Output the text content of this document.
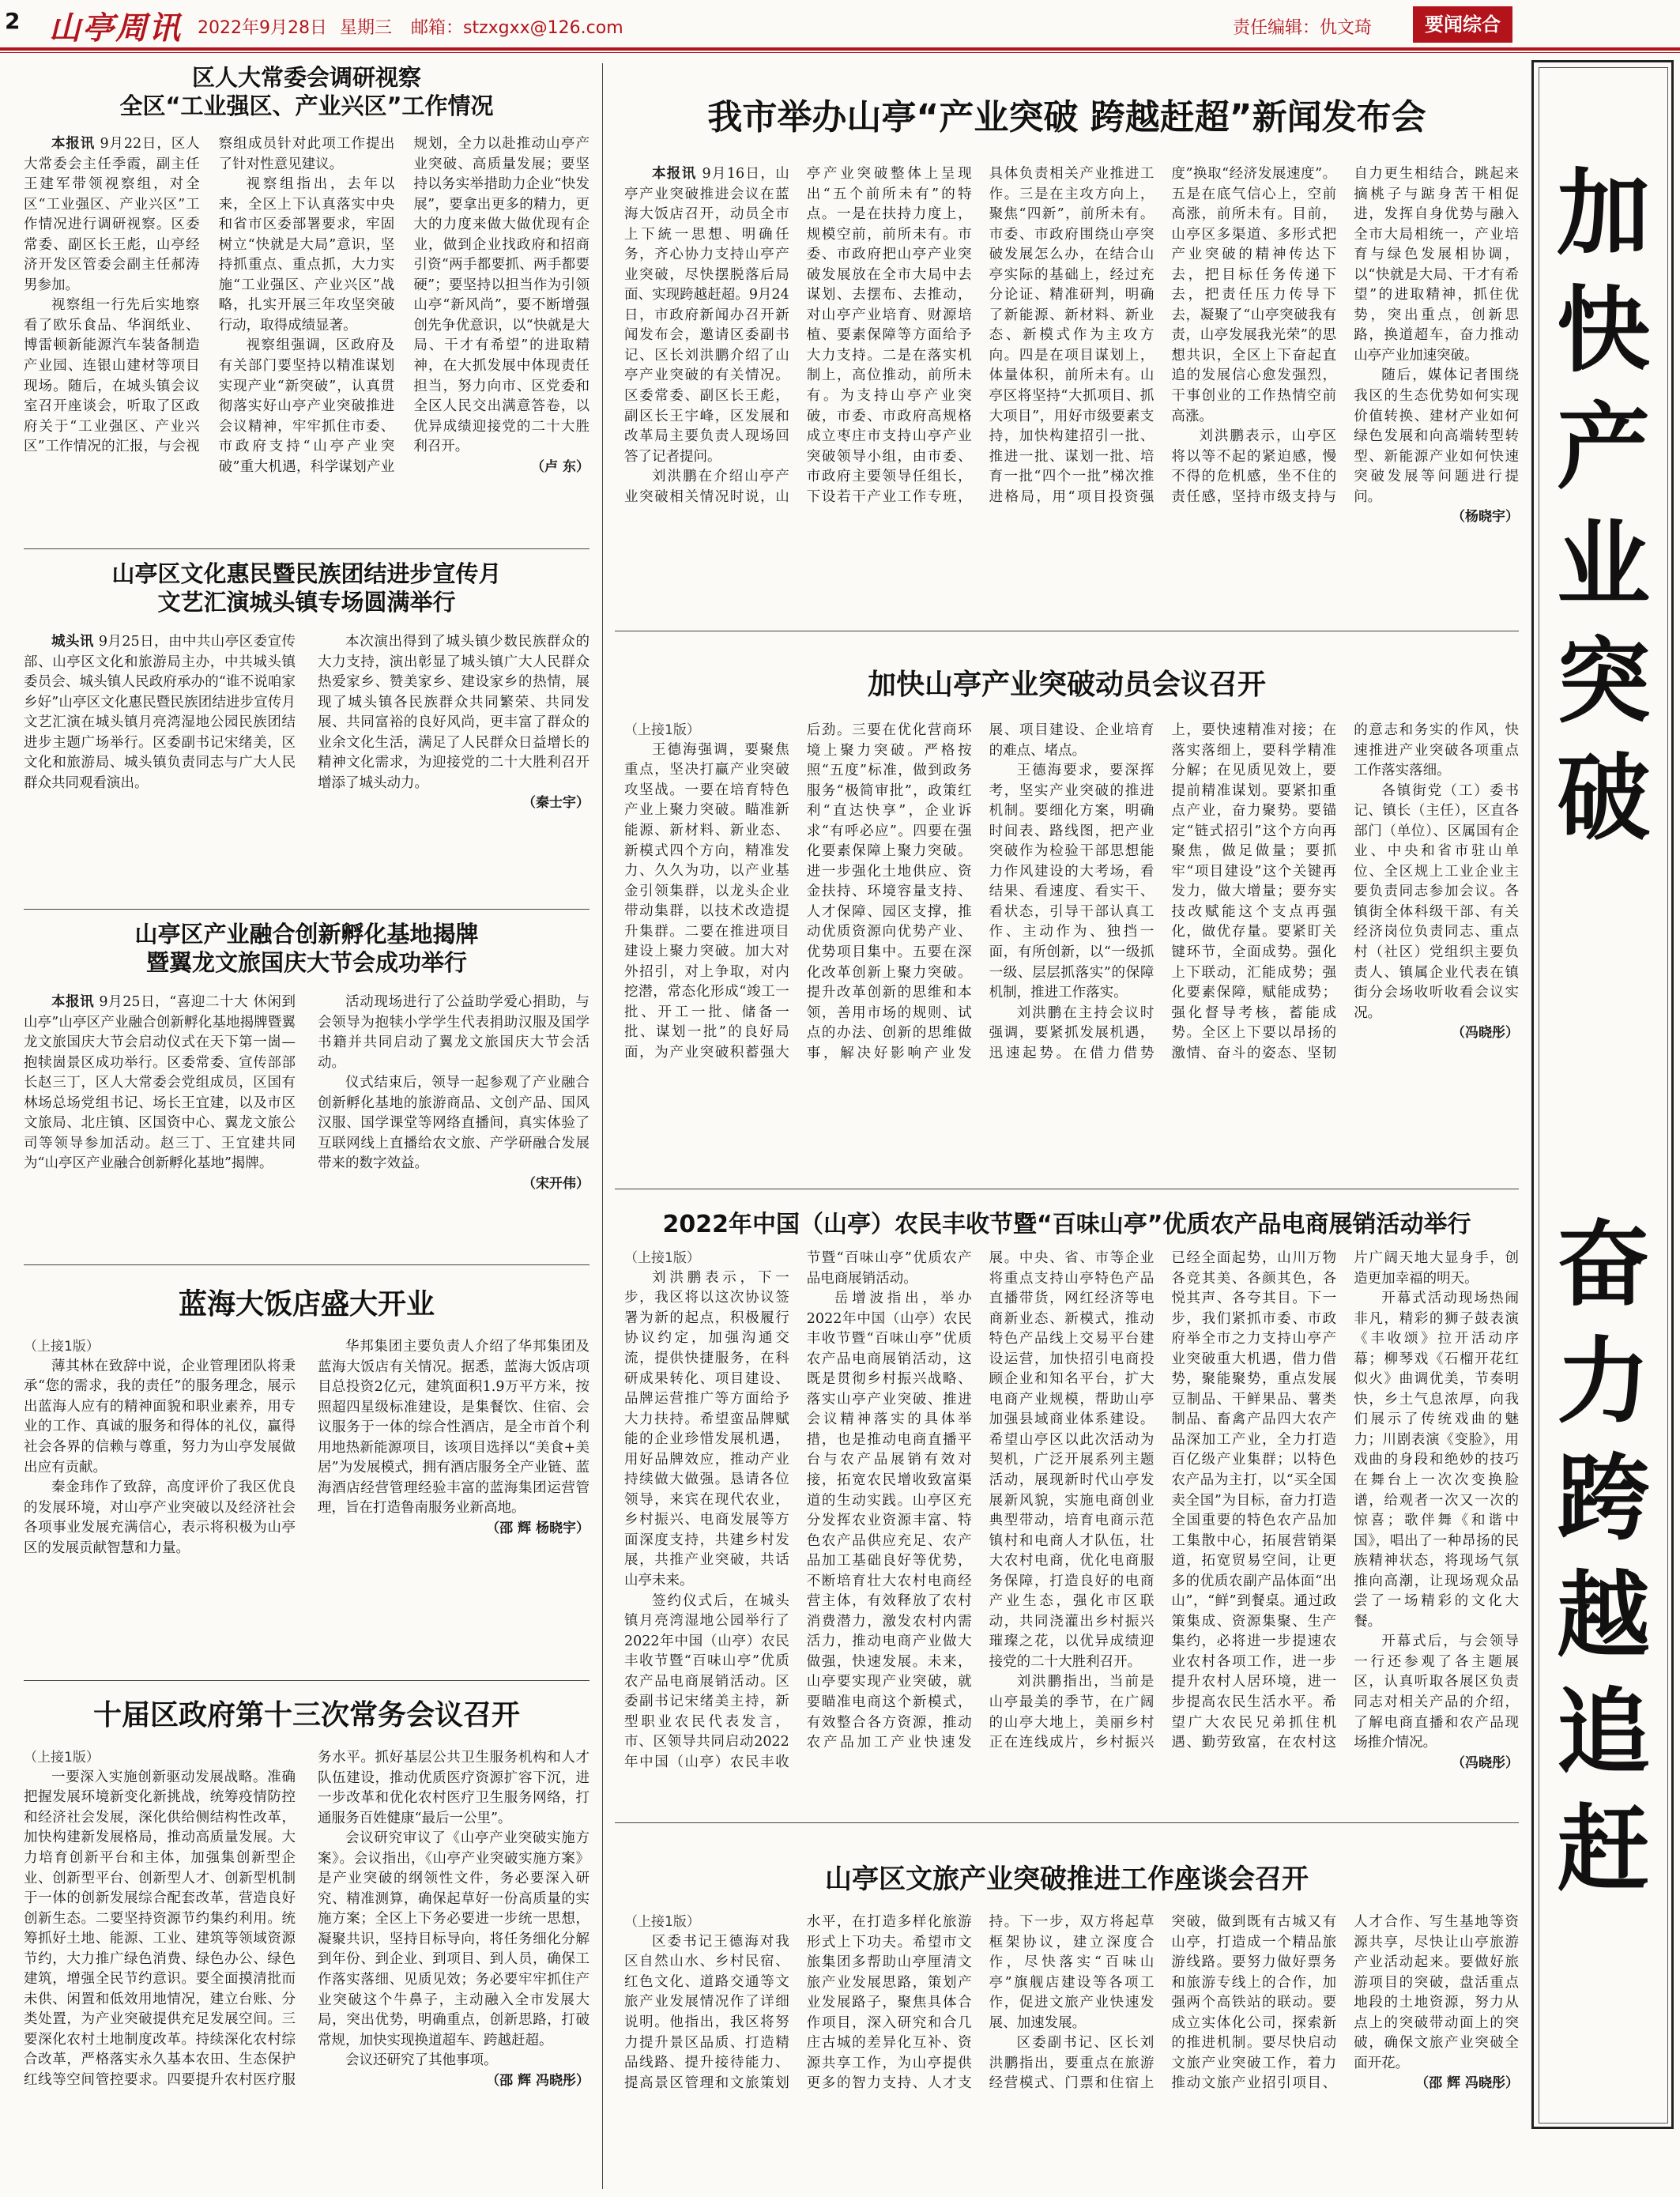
2 山亭周讯 2022年9月28日 星期三 邮箱：stzxgxx@126.com	责任编辑：仇文琦	要闻综合
区人大常委会调研视察
全区“工业强区、产业兴区”工作情况

本报讯 9月22日，区人大常委会主任季霞，副主任王建军带领视察组，对全区“工业强区、产业兴区”工作情况进行调研视察。区委常委、副区长王彪，山亭经济开发区管委会副主任郝涛男参加。

视察组一行先后实地察看了欧乐食品、华润纸业、博雷顿新能源汽车装备制造产业园、连银山建材等项目现场。随后，在城头镇会议室召开座谈会，听取了区政府关于“工业强区、产业兴区”工作情况的汇报，与会视察组成员针对此项工作提出了针对性意见建议。

视察组指出，去年以来，全区上下认真落实中央和省市区委部署要求，牢固树立“快就是大局”意识，坚持抓重点、重点抓，大力实施“工业强区、产业兴区”战略，扎实开展三年攻坚突破行动，取得成绩显著。

视察组强调，区政府及有关部门要坚持以精准谋划实现产业“新突破”，认真贯彻落实好山亭产业突破推进会议精神，牢牢抓住市委、市政府支持“山亭产业突破”重大机遇，科学谋划产业规划，全力以赴推动山亭产业突破、高质量发展；要坚持以务实举措助力企业“快发展”，要拿出更多的精力，更大的力度来做大做优现有企业，做到企业找政府和招商引资“两手都要抓、两手都要硬”；要坚持以担当作为引领山亭“新风尚”，要不断增强创先争优意识，以“快就是大局、干才有希望”的进取精神，在大抓发展中体现责任担当，努力向市、区党委和全区人民交出满意答卷，以优异成绩迎接党的二十大胜利召开。

（卢 东）
山亭区文化惠民暨民族团结进步宣传月
文艺汇演城头镇专场圆满举行

城头讯 9月25日，由中共山亭区委宣传部、山亭区文化和旅游局主办，中共城头镇委员会、城头镇人民政府承办的“谁不说咱家乡好”山亭区文化惠民暨民族团结进步宣传月文艺汇演在城头镇月亮湾湿地公园民族团结进步主题广场举行。区委副书记宋绪美，区文化和旅游局、城头镇负责同志与广大人民群众共同观看演出。

本次演出得到了城头镇少数民族群众的大力支持，演出彰显了城头镇广大人民群众热爱家乡、赞美家乡、建设家乡的热情，展现了城头镇各民族群众共同繁荣、共同发展、共同富裕的良好风尚，更丰富了群众的业余文化生活，满足了人民群众日益增长的精神文化需求，为迎接党的二十大胜利召开增添了城头动力。

（秦士宇）
山亭区产业融合创新孵化基地揭牌
暨翼龙文旅国庆大节会成功举行

本报讯 9月25日，“喜迎二十大 休闲到山亭”山亭区产业融合创新孵化基地揭牌暨翼龙文旅国庆大节会启动仪式在天下第一崮—抱犊崮景区成功举行。区委常委、宣传部部长赵三丁，区人大常委会党组成员，区国有林场总场党组书记、场长王宜建，以及市区文旅局、北庄镇、区国资中心、翼龙文旅公司等领导参加活动。赵三丁、王宜建共同为“山亭区产业融合创新孵化基地”揭牌。

活动现场进行了公益助学爱心捐助，与会领导为抱犊小学学生代表捐助汉服及国学书籍并共同启动了翼龙文旅国庆大节会活动。

仪式结束后，领导一起参观了产业融合创新孵化基地的旅游商品、文创产品、国风汉服、国学课堂等网络直播间，真实体验了互联网线上直播给农文旅、产学研融合发展带来的数字效益。

（宋开伟）
蓝海大饭店盛大开业
（上接1版）

薄其林在致辞中说，企业管理团队将秉承“您的需求，我的责任”的服务理念，展示出蓝海人应有的精神面貌和职业素养，用专业的工作、真诚的服务和得体的礼仪，赢得社会各界的信赖与尊重，努力为山亭发展做出应有贡献。

秦金玮作了致辞，高度评价了我区优良的发展环境，对山亭产业突破以及经济社会各项事业发展充满信心，表示将积极为山亭区的发展贡献智慧和力量。

华邦集团主要负责人介绍了华邦集团及蓝海大饭店有关情况。据悉，蓝海大饭店项目总投资2亿元，建筑面积1.9万平方米，按照超四星级标准建设，是集餐饮、住宿、会议服务于一体的综合性酒店，是全市首个利用地热新能源项目，该项目选择以“美食+美居”为发展模式，拥有酒店服务全产业链、蓝海酒店经营管理经验丰富的蓝海集团运营管理，旨在打造鲁南服务业新高地。

（邵 辉 杨晓宇）
十届区政府第十三次常务会议召开
（上接1版）

一要深入实施创新驱动发展战略。准确把握发展环境新变化新挑战，统筹疫情防控和经济社会发展，深化供给侧结构性改革，加快构建新发展格局，推动高质量发展。大力培育创新平台和主体，加强集创新型企业、创新型平台、创新型人才、创新型机制于一体的创新发展综合配套改革，营造良好创新生态。二要坚持资源节约集约利用。统筹抓好土地、能源、工业、建筑等领域资源节约，大力推广绿色消费、绿色办公、绿色建筑，增强全民节约意识。要全面摸清批而未供、闲置和低效用地情况，建立台账、分类处置，为产业突破提供充足发展空间。三要深化农村土地制度改革。持续深化农村综合改革，严格落实永久基本农田、生态保护红线等空间管控要求。四要提升农村医疗服务水平。抓好基层公共卫生服务机构和人才队伍建设，推动优质医疗资源扩容下沉，进一步改革和优化农村医疗卫生服务网络，打通服务百姓健康“最后一公里”。

会议研究审议了《山亭产业突破实施方案》。会议指出，《山亭产业突破实施方案》是产业突破的纲领性文件，务必要深入研究、精准测算，确保起草好一份高质量的实施方案；全区上下务必要进一步统一思想，凝聚共识，坚持目标导向，将任务细化分解到年份、到企业、到项目、到人员，确保工作落实落细、见质见效；务必要牢牢抓住产业突破这个牛鼻子，主动融入全市发展大局，突出优势，明确重点，创新思路，打破常规，加快实现换道超车、跨越赶超。

会议还研究了其他事项。

（邵 辉 冯晓彤）
我市举办山亭“产业突破 跨越赶超”新闻发布会

本报讯 9月16日，山亭产业突破推进会议在蓝海大饭店召开，动员全市上下統一思想、明确任务，齐心协力支持山亭产业突破，尽快摆脱落后局面、实现跨越赶超。9月24日，市政府新闻办召开新闻发布会，邀请区委副书记、区长刘洪鹏介绍了山亭产业突破的有关情况。区委常委、副区长王彪，副区长王宇峰，区发展和改革局主要负责人现场回答了记者提问。

刘洪鹏在介绍山亭产业突破相关情况时说，山亭产业突破整体上呈现出“五个前所未有”的特点。一是在扶持力度上，规模空前，前所未有。市委、市政府把山亭产业突破发展放在全市大局中去谋划、去摆布、去推动，对山亭产业培育、财源培植、要素保障等方面给予大力支持。二是在落实机制上，高位推动，前所未有。为支持山亭产业突破，市委、市政府高规格成立枣庄市支持山亭产业突破领导小组，由市委、市政府主要领导任组长，下设若干产业工作专班，具体负责相关产业推进工作。三是在主攻方向上，聚焦“四新”，前所未有。市委、市政府围绕山亭突破发展怎么办，在结合山亭实际的基础上，经过充分论证、精准研判，明确了新能源、新材料、新业态、新模式作为主攻方向。四是在项目谋划上，体量体积，前所未有。山亭区将坚持“大抓项目、抓大项目”，用好市级要素支持，加快构建招引一批、推进一批、谋划一批、培育一批“四个一批”梯次推进格局，用“项目投资强度”换取“经济发展速度”。五是在底气信心上，空前高涨，前所未有。目前，山亭区多渠道、多形式把产业突破的精神传达下去，把目标任务传递下去，把责任压力传导下去，凝聚了“山亭突破我有责，山亭发展我光荣”的思想共识，全区上下奋起直追的发展信心愈发强烈，干事创业的工作热情空前高涨。

刘洪鹏表示，山亭区将以等不起的紧迫感，慢不得的危机感，坐不住的责任感，坚持市级支持与自力更生相结合，跳起来摘桃子与踮身苦干相促进，发挥自身优势与融入全市大局相统一，产业培育与绿色发展相协调，以“快就是大局、干才有希望”的进取精神，抓住优势，突出重点，创新思路，换道超车，奋力推动山亭产业加速突破。

随后，媒体记者围绕我区的生态优势如何实现价值转换、建材产业如何绿色发展和向高端转型转型、新能源产业如何快速突破发展等问题进行提问。

（杨晓宇）
加快山亭产业突破动员会议召开
（上接1版）

王德海强调，要聚焦重点，坚决打赢产业突破攻坚战。一要在培育特色产业上聚力突破。瞄准新能源、新材料、新业态、新模式四个方向，精准发力、久久为功，以产业基金引领集群，以龙头企业带动集群，以技术改造提升集群。二要在推进项目建设上聚力突破。加大对外招引，对上争取，对内挖潜，常态化形成“竣工一批、开工一批、储备一批、谋划一批”的良好局面，为产业突破积蓄强大后劲。三要在优化营商环境上聚力突破。严格按照“五度”标准，做到政务服务“极简审批”，政策红利“直达快享”，企业诉求“有呼必应”。四要在强化要素保障上聚力突破。进一步强化土地供应、资金扶持、环境容量支持、人才保障、园区支撑，推动优质资源向优势产业、优势项目集中。五要在深化改革创新上聚力突破。提升改革创新的思维和本领，善用市场的规则、试点的办法、创新的思维做事，解决好影响产业发展、项目建设、企业培育的难点、堵点。

王德海要求，要深挥考，坚实产业突破的推进机制。要细化方案，明确时间表、路线图，把产业突破作为检验干部思想能力作风建设的大考场，看结果、看速度、看实干、看状态，引导干部认真工作、主动作为、独挡一面，有所创新，以“一级抓一级、层层抓落实”的保障机制，推进工作落实。

刘洪鹏在主持会议时强调，要紧抓发展机遇，迅速起势。在借力借势上，要快速精准对接；在落实落细上，要科学精准分解；在见质见效上，要提前精准谋划。要紧扣重点产业，奋力聚势。要锚定“链式招引”这个方向再聚焦，做足做量；要抓牢“项目建设”这个关键再发力，做大增量；要夯实技改赋能这个支点再强化，做优存量。要紧盯关键环节，全面成势。强化上下联动，汇能成势；强化要素保障，赋能成势；强化督导考核，蓄能成势。全区上下要以昂扬的激情、奋斗的姿态、坚韧的意志和务实的作风，快速推进产业突破各项重点工作落实落细。

各镇街党（工）委书记、镇长（主任），区直各部门（单位）、区属国有企业、中央和省市驻山单位、全区规上工业企业主要负责同志参加会议。各镇街全体科级干部、有关经济岗位负责同志、重点村（社区）党组织主要负责人、镇属企业代表在镇街分会场收听收看会议实况。

（冯晓彤）
2022年中国（山亭）农民丰收节暨“百味山亭”优质农产品电商展销活动举行
（上接1版）

刘洪鹏表示，下一步，我区将以这次协议签署为新的起点，积极履行协议约定，加强沟通交流，提供快捷服务，在科研成果转化、项目建设、品牌运营推广等方面给予大力扶持。希望蛮品牌赋能的企业珍惜发展机遇，用好品牌效应，推动产业持续做大做强。恳请各位领导，来宾在现代农业，乡村振兴、电商发展等方面深度支持，共建乡村发展，共推产业突破，共话山亭未来。

签约仪式后，在城头镇月亮湾湿地公园举行了2022年中国（山亭）农民丰收节暨“百味山亭”优质农产品电商展销活动。区委副书记宋绪美主持，新型职业农民代表发言，市、区领导共同启动2022年中国（山亭）农民丰收节暨“百味山亭”优质农产品电商展销活动。

岳增波指出，举办2022年中国（山亭）农民丰收节暨“百味山亭”优质农产品电商展销活动，这既是贯彻乡村振兴战略、落实山亭产业突破、推进会议精神落实的具体举措，也是推动电商直播平台与农产品展销有效对接，拓宽农民增收致富渠道的生动实践。山亭区充分发挥农业资源丰富、特色农产品供应充足、农产品加工基础良好等优势，不断培育壮大农村电商经营主体，有效释放了农村消费潜力，激发农村内需活力，推动电商产业做大做强，快速发展。未来，山亭要实现产业突破，就要瞄准电商这个新模式，有效整合各方资源，推动农产品加工产业快速发展。中央、省、市等企业将重点支持山亭特色产品直播带货，网红经济等电商新业态、新模式，推动特色产品线上交易平台建设运营，加快招引电商投顾企业和知名平台，扩大电商产业规模，帮助山亭加强县域商业体系建设。希望山亭区以此次活动为契机，广泛开展系列主题活动，展现新时代山亭发展新风貌，实施电商创业典型带动，培育电商示范镇村和电商人才队伍，壮大农村电商，优化电商服务保障，打造良好的电商产业生态，强化市区联动，共同浇灌出乡村振兴璀璨之花，以优异成绩迎接党的二十大胜利召开。

刘洪鹏指出，当前是山亭最美的季节，在广阔的山亭大地上，美丽乡村正在连线成片，乡村振兴已经全面起势，山川万物各竞其美、各颜其色，各悦其声、各夸其目。下一步，我们紧抓市委、市政府举全市之力支持山亭产业突破重大机遇，借力借势，聚能聚势，重点发展豆制品、干鲜果品、薯类制品、畜禽产品四大农产品深加工产业，全力打造百亿级产业集群；以特色农产品为主打，以“买全国卖全国”为目标，奋力打造全国重要的特色农产品加工集散中心，拓展营销渠道，拓宽贸易空间，让更多的优质农副产品体面“出山”，“鲜”到餐桌。通过政策集成、资源集聚、生产集约，必将进一步提速农业农村各项工作，进一步提升农村人居环境，进一步提高农民生活水平。希望广大农民兄弟抓住机遇、勤劳致富，在农村这片广阔天地大显身手，创造更加幸福的明天。

开幕式活动现场热闹非凡，精彩的狮子鼓表演《丰收颂》拉开活动序幕；柳琴戏《石榴开花红似火》曲调优美，节奏明快，乡土气息浓厚，向我们展示了传统戏曲的魅力；川剧表演《变脸》，用戏曲的身段和绝妙的技巧在舞台上一次次变换脸谱，给观者一次又一次的惊喜；歌伴舞《和谐中国》，唱出了一种昂扬的民族精神状态，将现场气氛推向高潮，让现场观众品尝了一场精彩的文化大餐。

开幕式后，与会领导一行还参观了各主题展区，认真听取各展区负责同志对相关产品的介绍，了解电商直播和农产品现场推介情况。

（冯晓彤）
山亭区文旅产业突破推进工作座谈会召开
（上接1版）

区委书记王德海对我区自然山水、乡村民宿、红色文化、道路交通等文旅产业发展情况作了详细说明。他指出，我区将努力提升景区品质、打造精品线路、提升接待能力、提高景区管理和文旅策划水平，在打造多样化旅游形式上下功夫。希望市文旅集团多帮助山亭厘清文旅产业发展思路，策划产业发展路子，聚焦具体合作项目，深入研究和合几庄古城的差异化互补、资源共享工作，为山亭提供更多的智力支持、人才支持。下一步，双方将起草框架协议，建立深度合作，尽快落实“百味山亭”旗舰店建设等各项工作，促进文旅产业快速发展、加速发展。

区委副书记、区长刘洪鹏指出，要重点在旅游经营模式、门票和住宿上突破，做到既有古城又有山亭，打造成一个精品旅游线路。要努力做好票务和旅游专线上的合作，加强两个高铁站的联动。要成立实体化公司，探索新的推进机制。要尽快启动文旅产业突破工作，着力推动文旅产业招引项目、人才合作、写生基地等资源共享，尽快让山亭旅游产业活动起来。要做好旅游项目的突破，盘活重点地段的土地资源，努力从点上的突破带动面上的突破，确保文旅产业突破全面开花。

（邵 辉 冯晓彤）
加
快
产
业
突
破
奋
力
跨
越
追
赶
